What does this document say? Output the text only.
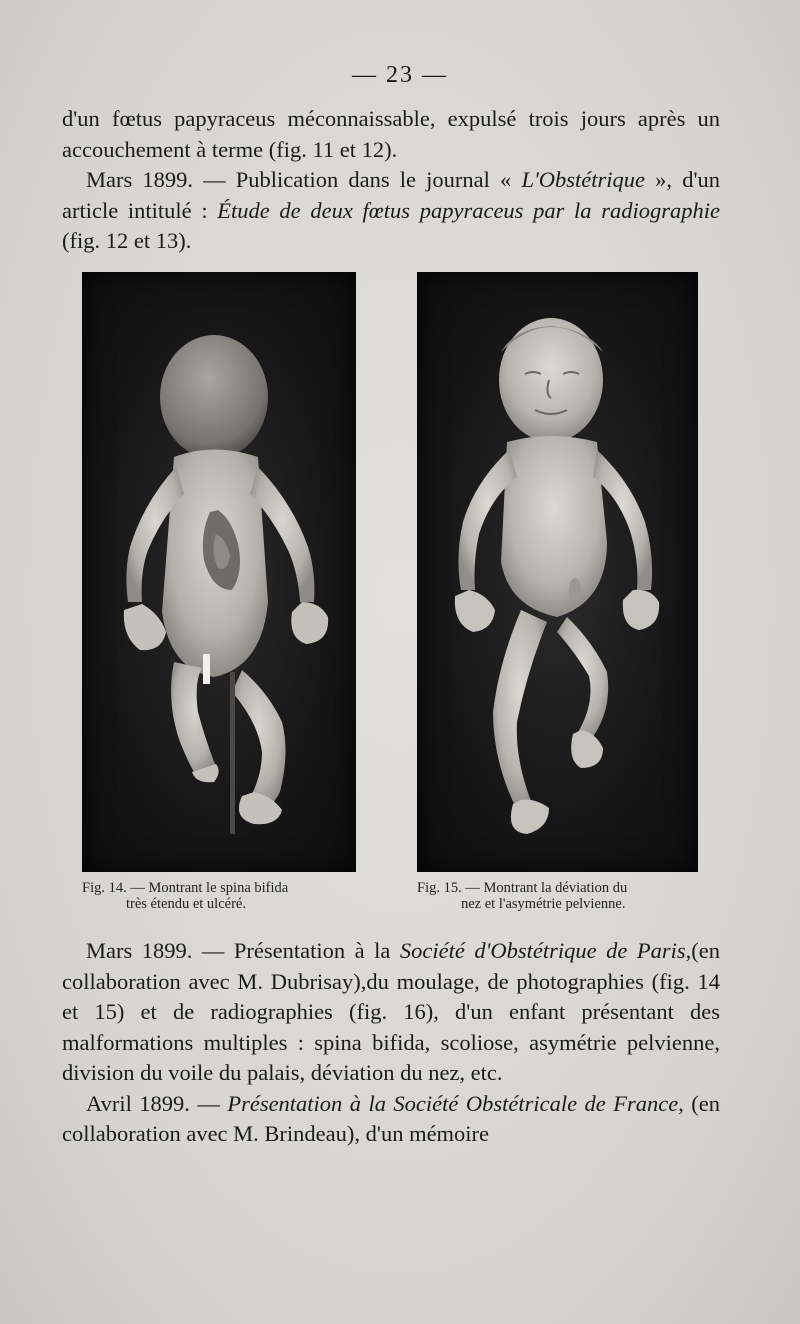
— 23 —

d'un fœtus papyraceus méconnaissable, expulsé trois jours après un accouchement à terme (fig. 11 et 12).

Mars 1899. — Publication dans le journal « L'Obstétrique », d'un article intitulé : Étude de deux fœtus papyraceus par la radiographie (fig. 12 et 13).

Fig. 14. — Montrant le spina bifida
très étendu et ulcéré.
Fig. 15. — Montrant la déviation du
nez et l'asymétrie pelvienne.

Mars 1899. — Présentation à la Société d'Obstétrique de Paris,(en collaboration avec M. Dubrisay),du moulage, de photographies (fig. 14 et 15) et de radiographies (fig. 16), d'un enfant présentant des malformations multiples : spina bifida, scoliose, asymétrie pelvienne, division du voile du palais, déviation du nez, etc.

Avril 1899. — Présentation à la Société Obstétricale de France, (en collaboration avec M. Brindeau), d'un mémoire
